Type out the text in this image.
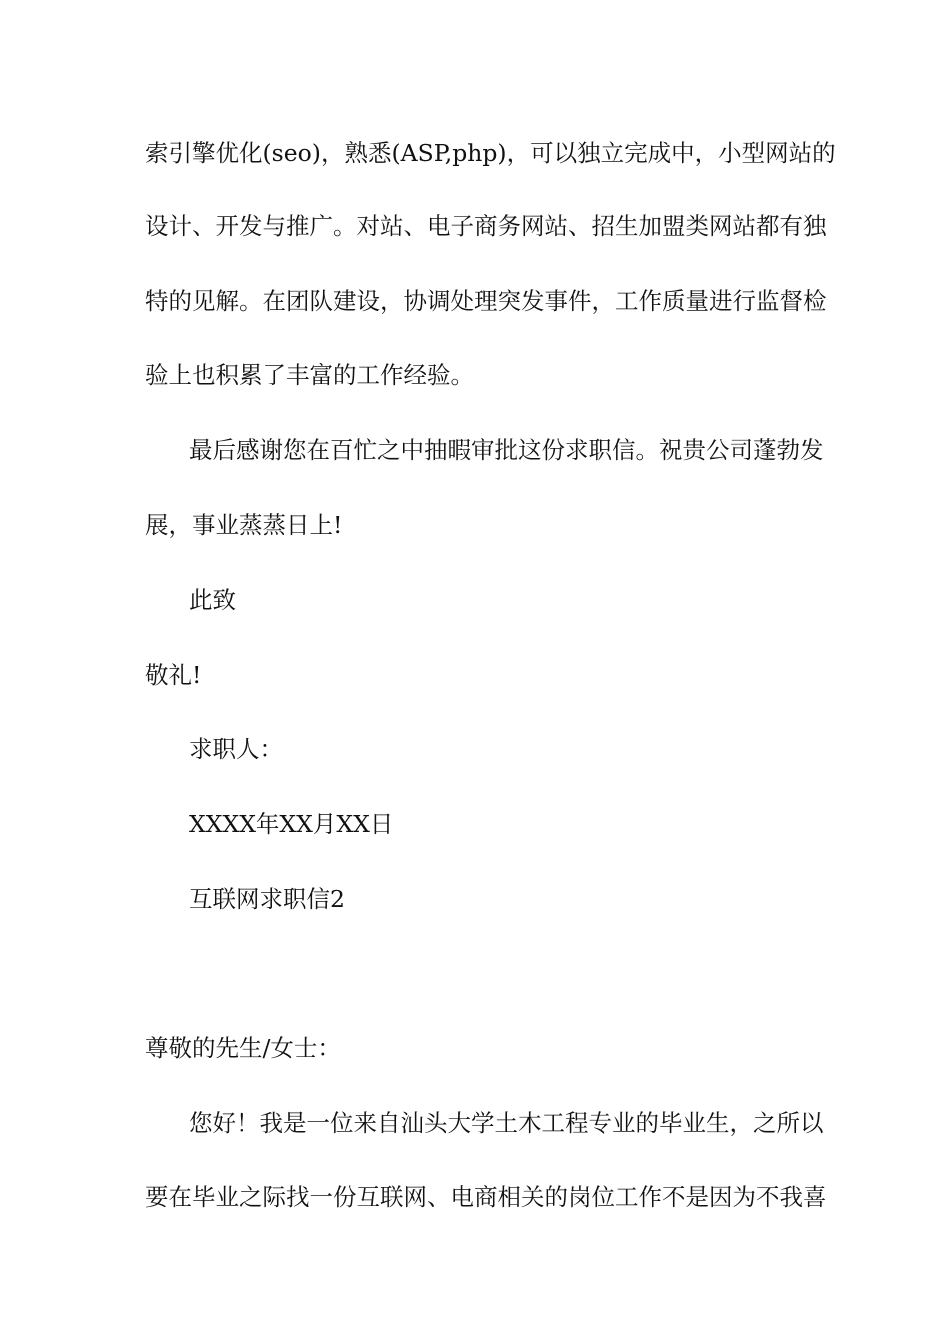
索引擎优化(seo)，熟悉(ASP,php)，可以独立完成中，小型网站的
设计、开发与推广。对站、电子商务网站、招生加盟类网站都有独
特的见解。在团队建设，协调处理突发事件，工作质量进行监督检
验上也积累了丰富的工作经验。
最后感谢您在百忙之中抽暇审批这份求职信。祝贵公司蓬勃发
展，事业蒸蒸日上!
此致
敬礼!
求职人：
XXXX年XX月XX日
互联网求职信2
尊敬的先生/女士：
您好！我是一位来自汕头大学土木工程专业的毕业生，之所以
要在毕业之际找一份互联网、电商相关的岗位工作不是因为不我喜
